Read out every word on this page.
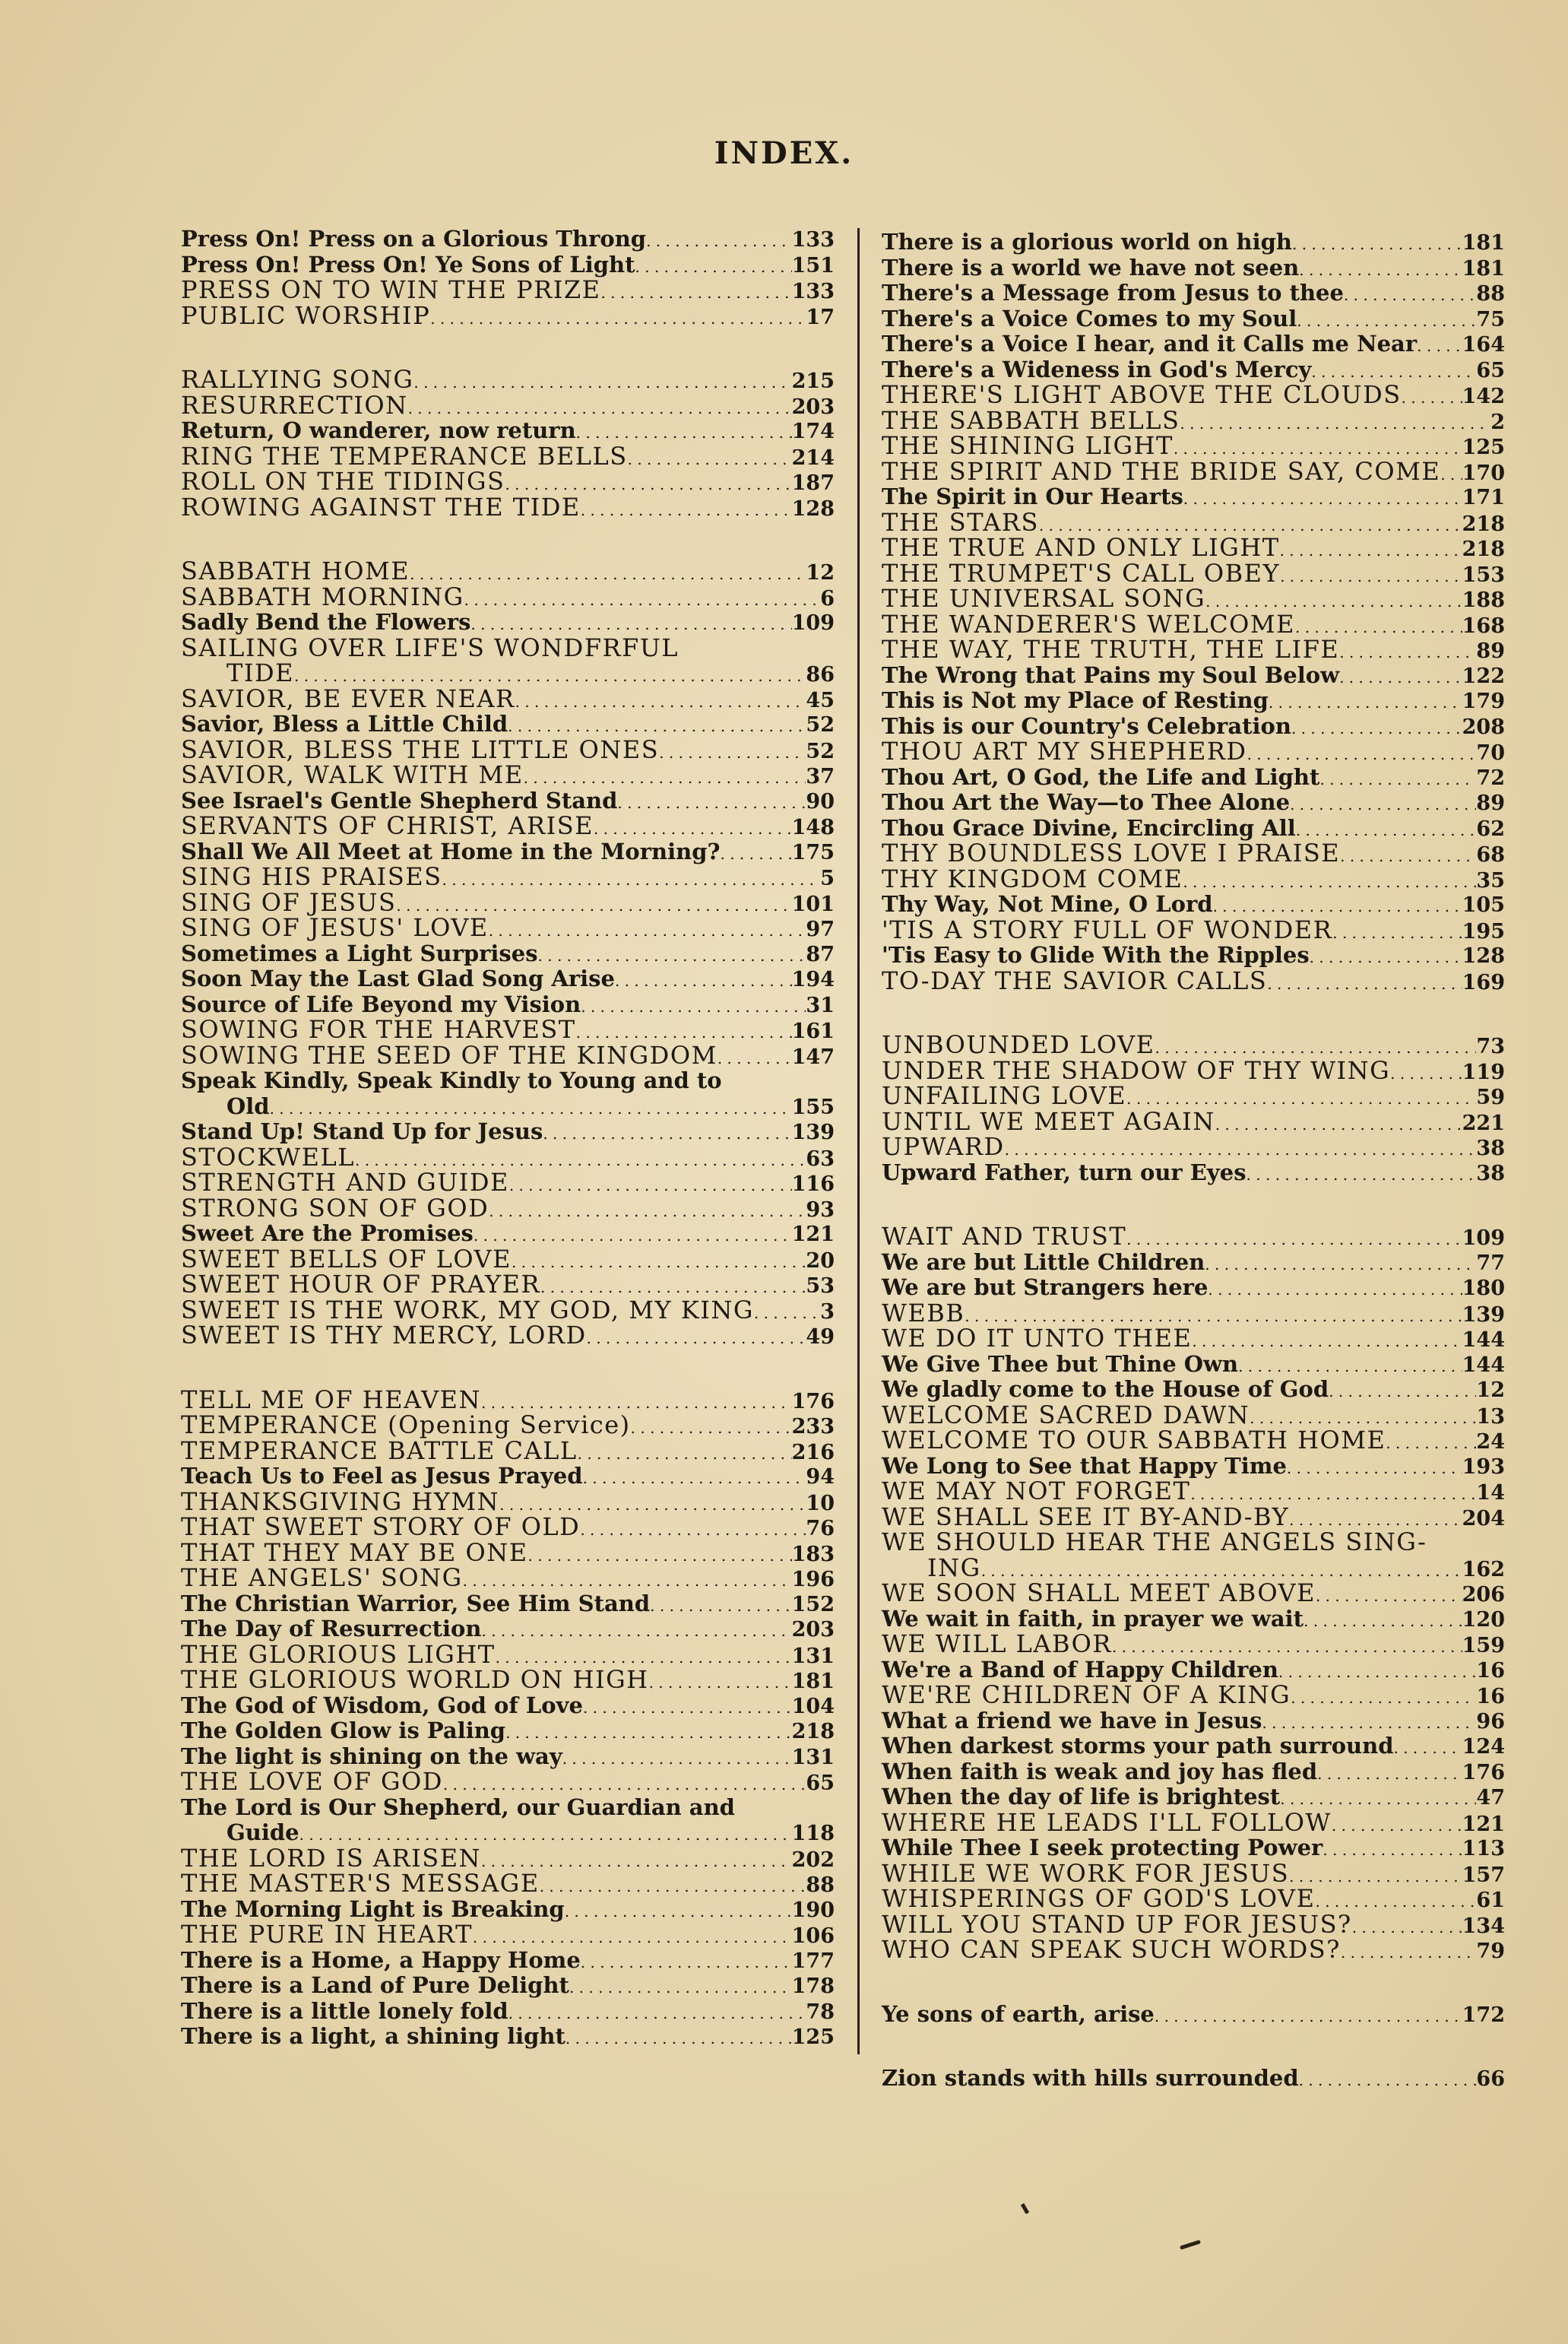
INDEX.
Press On! Press on a Glorious Throng . . .	133
Press On! Press On! Ye Sons of Light . . .	151
PRESS ON TO WIN THE PRIZE . . .	133
PUBLIC WORSHIP . . .	17
RALLYING SONG . . .	215
RESURRECTION . . .	203
Return, O wanderer, now return . . .	174
RING THE TEMPERANCE BELLS . . .	214
ROLL ON THE TIDINGS . . .	187
ROWING AGAINST THE TIDE . . .	128
SABBATH HOME . . .	12
SABBATH MORNING . . .	6
Sadly Bend the Flowers . . .	109
SAILING OVER LIFE'S WONDFRFUL
TIDE . . .	86
SAVIOR, BE EVER NEAR . . .	45
Savior, Bless a Little Child . . .	52
SAVIOR, BLESS THE LITTLE ONES . . .	52
SAVIOR, WALK WITH ME . . .	37
See Israel's Gentle Shepherd Stand . . .	90
SERVANTS OF CHRIST, ARISE . . .	148
Shall We All Meet at Home in the Morning? . . .	175
SING HIS PRAISES . . .	5
SING OF JESUS . . .	101
SING OF JESUS' LOVE . . .	97
Sometimes a Light Surprises . . .	87
Soon May the Last Glad Song Arise . . .	194
Source of Life Beyond my Vision . . .	31
SOWING FOR THE HARVEST . . .	161
SOWING THE SEED OF THE KINGDOM . . .	147
Speak Kindly, Speak Kindly to Young and to
Old . . .	155
Stand Up! Stand Up for Jesus . . .	139
STOCKWELL . . .	63
STRENGTH AND GUIDE . . .	116
STRONG SON OF GOD . . .	93
Sweet Are the Promises . . .	121
SWEET BELLS OF LOVE . . .	20
SWEET HOUR OF PRAYER . . .	53
SWEET IS THE WORK, MY GOD, MY KING . . .	3
SWEET IS THY MERCY, LORD . . .	49
TELL ME OF HEAVEN . . .	176
TEMPERANCE (Opening Service) . . .	233
TEMPERANCE BATTLE CALL . . .	216
Teach Us to Feel as Jesus Prayed . . .	94
THANKSGIVING HYMN . . .	10
THAT SWEET STORY OF OLD . . .	76
THAT THEY MAY BE ONE . . .	183
THE ANGELS' SONG . . .	196
The Christian Warrior, See Him Stand . . .	152
The Day of Resurrection . . .	203
THE GLORIOUS LIGHT . . .	131
THE GLORIOUS WORLD ON HIGH . . .	181
The God of Wisdom, God of Love . . .	104
The Golden Glow is Paling . . .	218
The light is shining on the way . . .	131
THE LOVE OF GOD . . .	65
The Lord is Our Shepherd, our Guardian and
Guide . . .	118
THE LORD IS ARISEN . . .	202
THE MASTER'S MESSAGE . . .	88
The Morning Light is Breaking . . .	190
THE PURE IN HEART . . .	106
There is a Home, a Happy Home . . .	177
There is a Land of Pure Delight . . .	178
There is a little lonely fold . . .	78
There is a light, a shining light . . .	125
There is a glorious world on high . . .	181
There is a world we have not seen . . .	181
There's a Message from Jesus to thee . . .	88
There's a Voice Comes to my Soul . . .	75
There's a Voice I hear, and it Calls me Near . . . 164
There's a Wideness in God's Mercy . . .	65
THERE'S LIGHT ABOVE THE CLOUDS . . .	142
THE SABBATH BELLS . . .	2
THE SHINING LIGHT . . .	125
THE SPIRIT AND THE BRIDE SAY, COME . . . 170
The Spirit in Our Hearts . . .	171
THE STARS . . .	218
THE TRUE AND ONLY LIGHT . . .	218
THE TRUMPET'S CALL OBEY . . .	153
THE UNIVERSAL SONG . . .	188
THE WANDERER'S WELCOME . . .	168
THE WAY, THE TRUTH, THE LIFE . . .	89
The Wrong that Pains my Soul Below . . .	122
This is Not my Place of Resting . . .	179
This is our Country's Celebration . . .	208
THOU ART MY SHEPHERD . . .	70
Thou Art, O God, the Life and Light . . .	72
Thou Art the Way—to Thee Alone . . .	89
Thou Grace Divine, Encircling All . . .	62
THY BOUNDLESS LOVE I PRAISE . . .	68
THY KINGDOM COME . . .	35
Thy Way, Not Mine, O Lord . . .	105
'TIS A STORY FULL OF WONDER . . .	195
'Tis Easy to Glide With the Ripples . . .	128
TO-DAY THE SAVIOR CALLS . . .	169
UNBOUNDED LOVE . . .	73
UNDER THE SHADOW OF THY WING . . .	119
UNFAILING LOVE . . .	59
UNTIL WE MEET AGAIN . . .	221
UPWARD . . .	38
Upward Father, turn our Eyes . . .	38
WAIT AND TRUST . . .	109
We are but Little Children . . .	77
We are but Strangers here . . .	180
WEBB . . .	139
WE DO IT UNTO THEE . . .	144
We Give Thee but Thine Own . . .	144
We gladly come to the House of God . . .	12
WELCOME SACRED DAWN . . .	13
WELCOME TO OUR SABBATH HOME . . .	24
We Long to See that Happy Time . . .	193
WE MAY NOT FORGET . . .	14
WE SHALL SEE IT BY-AND-BY . . .	204
WE SHOULD HEAR THE ANGELS SING-
ING . . .	162
WE SOON SHALL MEET ABOVE . . .	206
We wait in faith, in prayer we wait . . .	120
WE WILL LABOR . . .	159
We're a Band of Happy Children . . .	16
WE'RE CHILDREN OF A KING . . .	16
What a friend we have in Jesus . . .	96
When darkest storms your path surround . . .	124
When faith is weak and joy has fled . . .	176
When the day of life is brightest . . .	47
WHERE HE LEADS I'LL FOLLOW . . .	121
While Thee I seek protecting Power . . .	113
WHILE WE WORK FOR JESUS . . .	157
WHISPERINGS OF GOD'S LOVE . . .	61
WILL YOU STAND UP FOR JESUS? . . .	134
WHO CAN SPEAK SUCH WORDS? . . .	79
Ye sons of earth, arise . . .	172
Zion stands with hills surrounded . . .	66
